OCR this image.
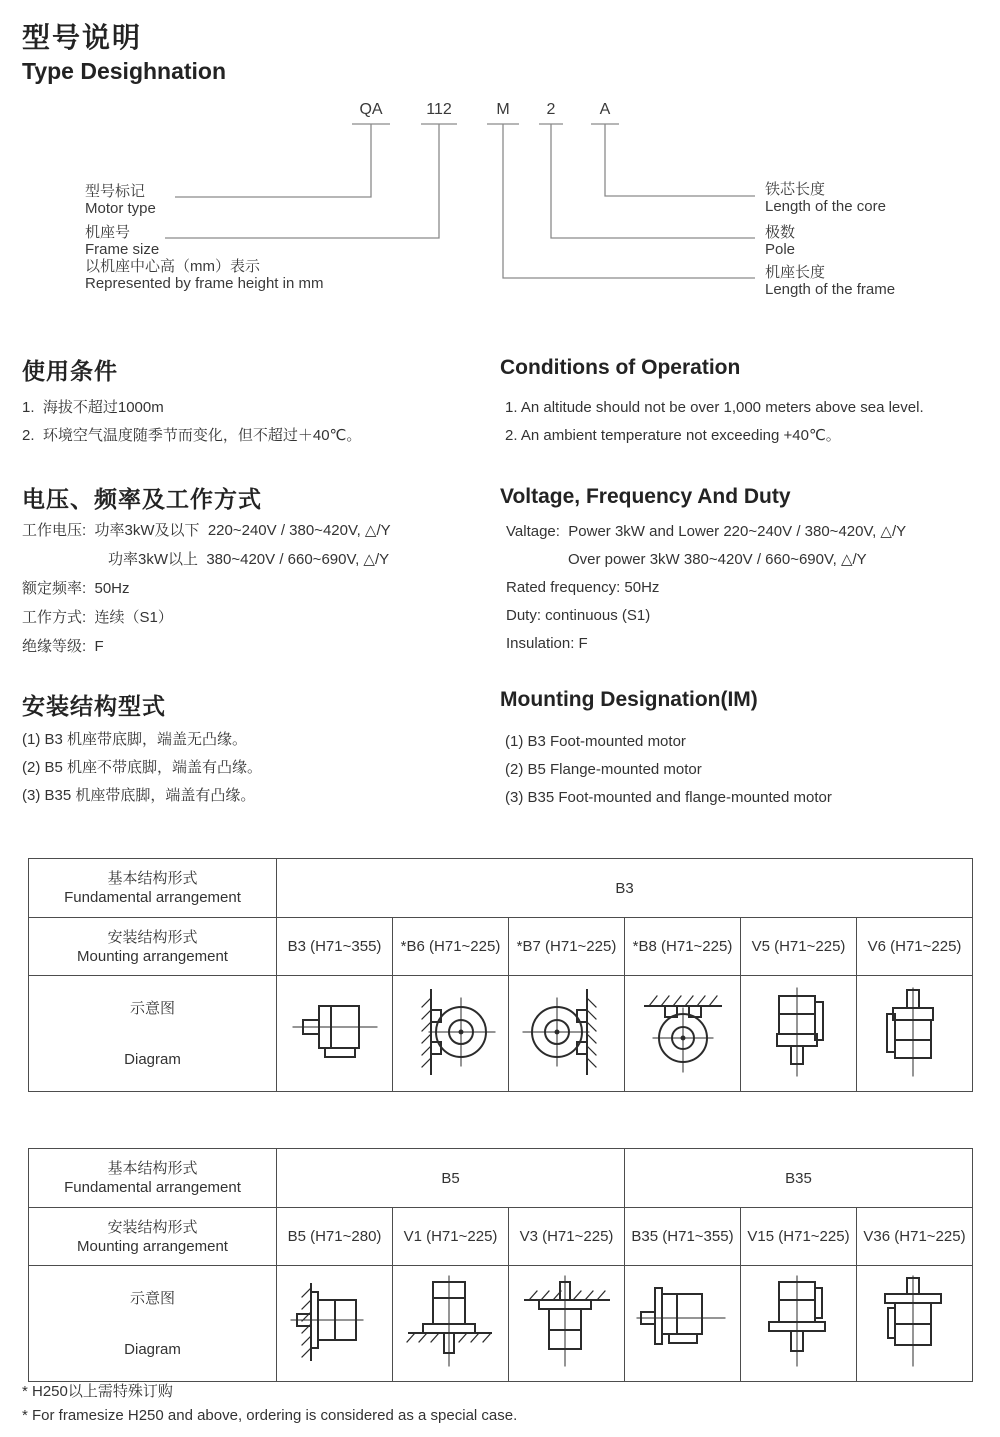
型号说明
Type Desighnation
QA	112	M	2	A
型号标记
Motor type
机座号
Frame size
以机座中心高（mm）表示
Represented by frame height in mm
铁芯长度
Length of the core
极数
Pole
机座长度
Length of the frame
使用条件
1.  海拔不超过1000m
2.  环境空气温度随季节而变化，但不超过＋40℃。
Conditions of Operation
1. An altitude should not be over 1,000 meters above sea level.
2. An ambient temperature not exceeding +40℃。
电压、频率及工作方式
工作电压:  功率3kW及以下  220~240V / 380~420V, △/Y
功率3kW以上  380~420V / 660~690V, △/Y
额定频率:  50Hz
工作方式:  连续（S1）
绝缘等级:  F
Voltage, Frequency And Duty
Valtage:  Power 3kW and Lower 220~240V / 380~420V, △/Y
Over power 3kW 380~420V / 660~690V, △/Y
Rated frequency: 50Hz
Duty: continuous (S1)
Insulation: F
安装结构型式
(1) B3 机座带底脚，端盖无凸缘。
(2) B5 机座不带底脚，端盖有凸缘。
(3) B35 机座带底脚，端盖有凸缘。
Mounting Designation(IM)
(1) B3 Foot-mounted motor
(2) B5 Flange-mounted motor
(3) B35 Foot-mounted and flange-mounted motor
基本结构形式
Fundamental arrangement	B3					

安装结构形式
Mounting arrangement	B3 (H71~355)	*B6 (H71~225)	*B7 (H71~225)	*B8 (H71~225)	V5 (H71~225)	V6 (H71~225)

示意图
Diagram

基本结构形式
Fundamental arrangement	B5			B35		

安装结构形式
Mounting arrangement	B5 (H71~280)	V1 (H71~225)	V3 (H71~225)	B35 (H71~355)	V15 (H71~225)	V36 (H71~225)

示意图
Diagram

* H250以上需特殊订购
* For framesize H250 and above, ordering is considered as a special case.
